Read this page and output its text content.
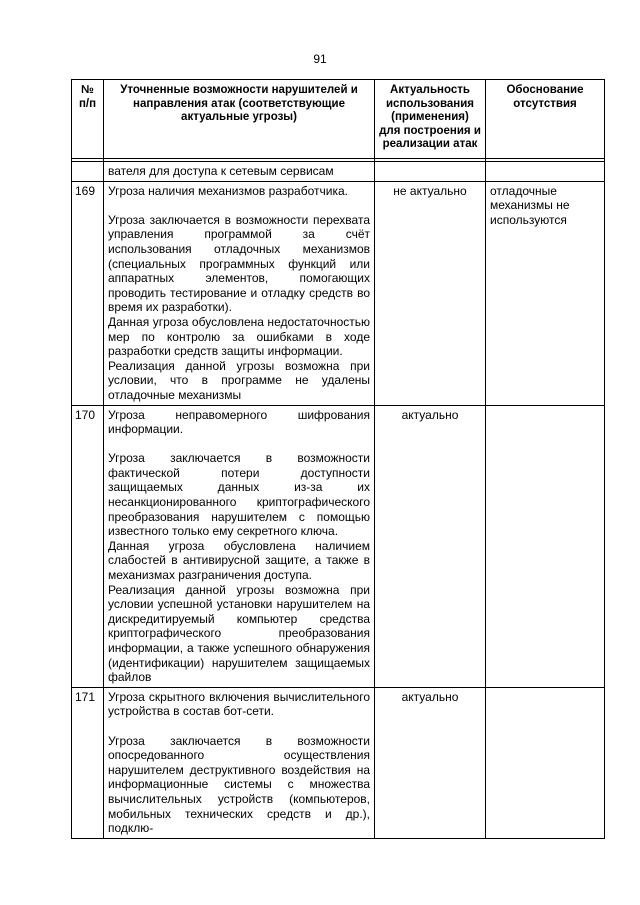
91
№ п/п	Уточненные возможности нарушителей и направления атак (соответствующие актуальные угрозы)	Актуальность использования (применения) для построения и реализации атак	Обоснование отсутствия

	вателя для доступа к сетевым сервисам		
169	Угроза наличия механизмов разработчика.

Угроза заключается в возможности перехвата управления программой за счёт использования отладочных механизмов (специальных программных функций или аппаратных элементов, помогающих проводить тестирование и отладку средств во время их разработки).

Данная угроза обусловлена недостаточностью мер по контролю за ошибками в ходе разработки средств защиты информации.

Реализация данной угрозы возможна при условии, что в программе не удалены отладочные механизмы	не актуально	отладочные механизмы не используются
170	Угроза неправомерного шифрования информации.

Угроза заключается в возможности фактической потери доступности защищаемых данных из-за их несанкционированного криптографического преобразования нарушителем с помощью известного только ему секретного ключа.

Данная угроза обусловлена наличием слабостей в антивирусной защите, а также в механизмах разграничения доступа.

Реализация данной угрозы возможна при условии успешной установки нарушителем на дискредитируемый компьютер средства криптографического преобразования информации, а также успешного обнаружения (идентификации) нарушителем защищаемых файлов	актуально	
171	Угроза скрытного включения вычислительного устройства в состав бот-сети.

Угроза заключается в возможности опосредованного осуществления нарушителем деструктивного воздействия на информационные системы с множества вычислительных устройств (компьютеров, мобильных технических средств и др.), подклю-	актуально	
